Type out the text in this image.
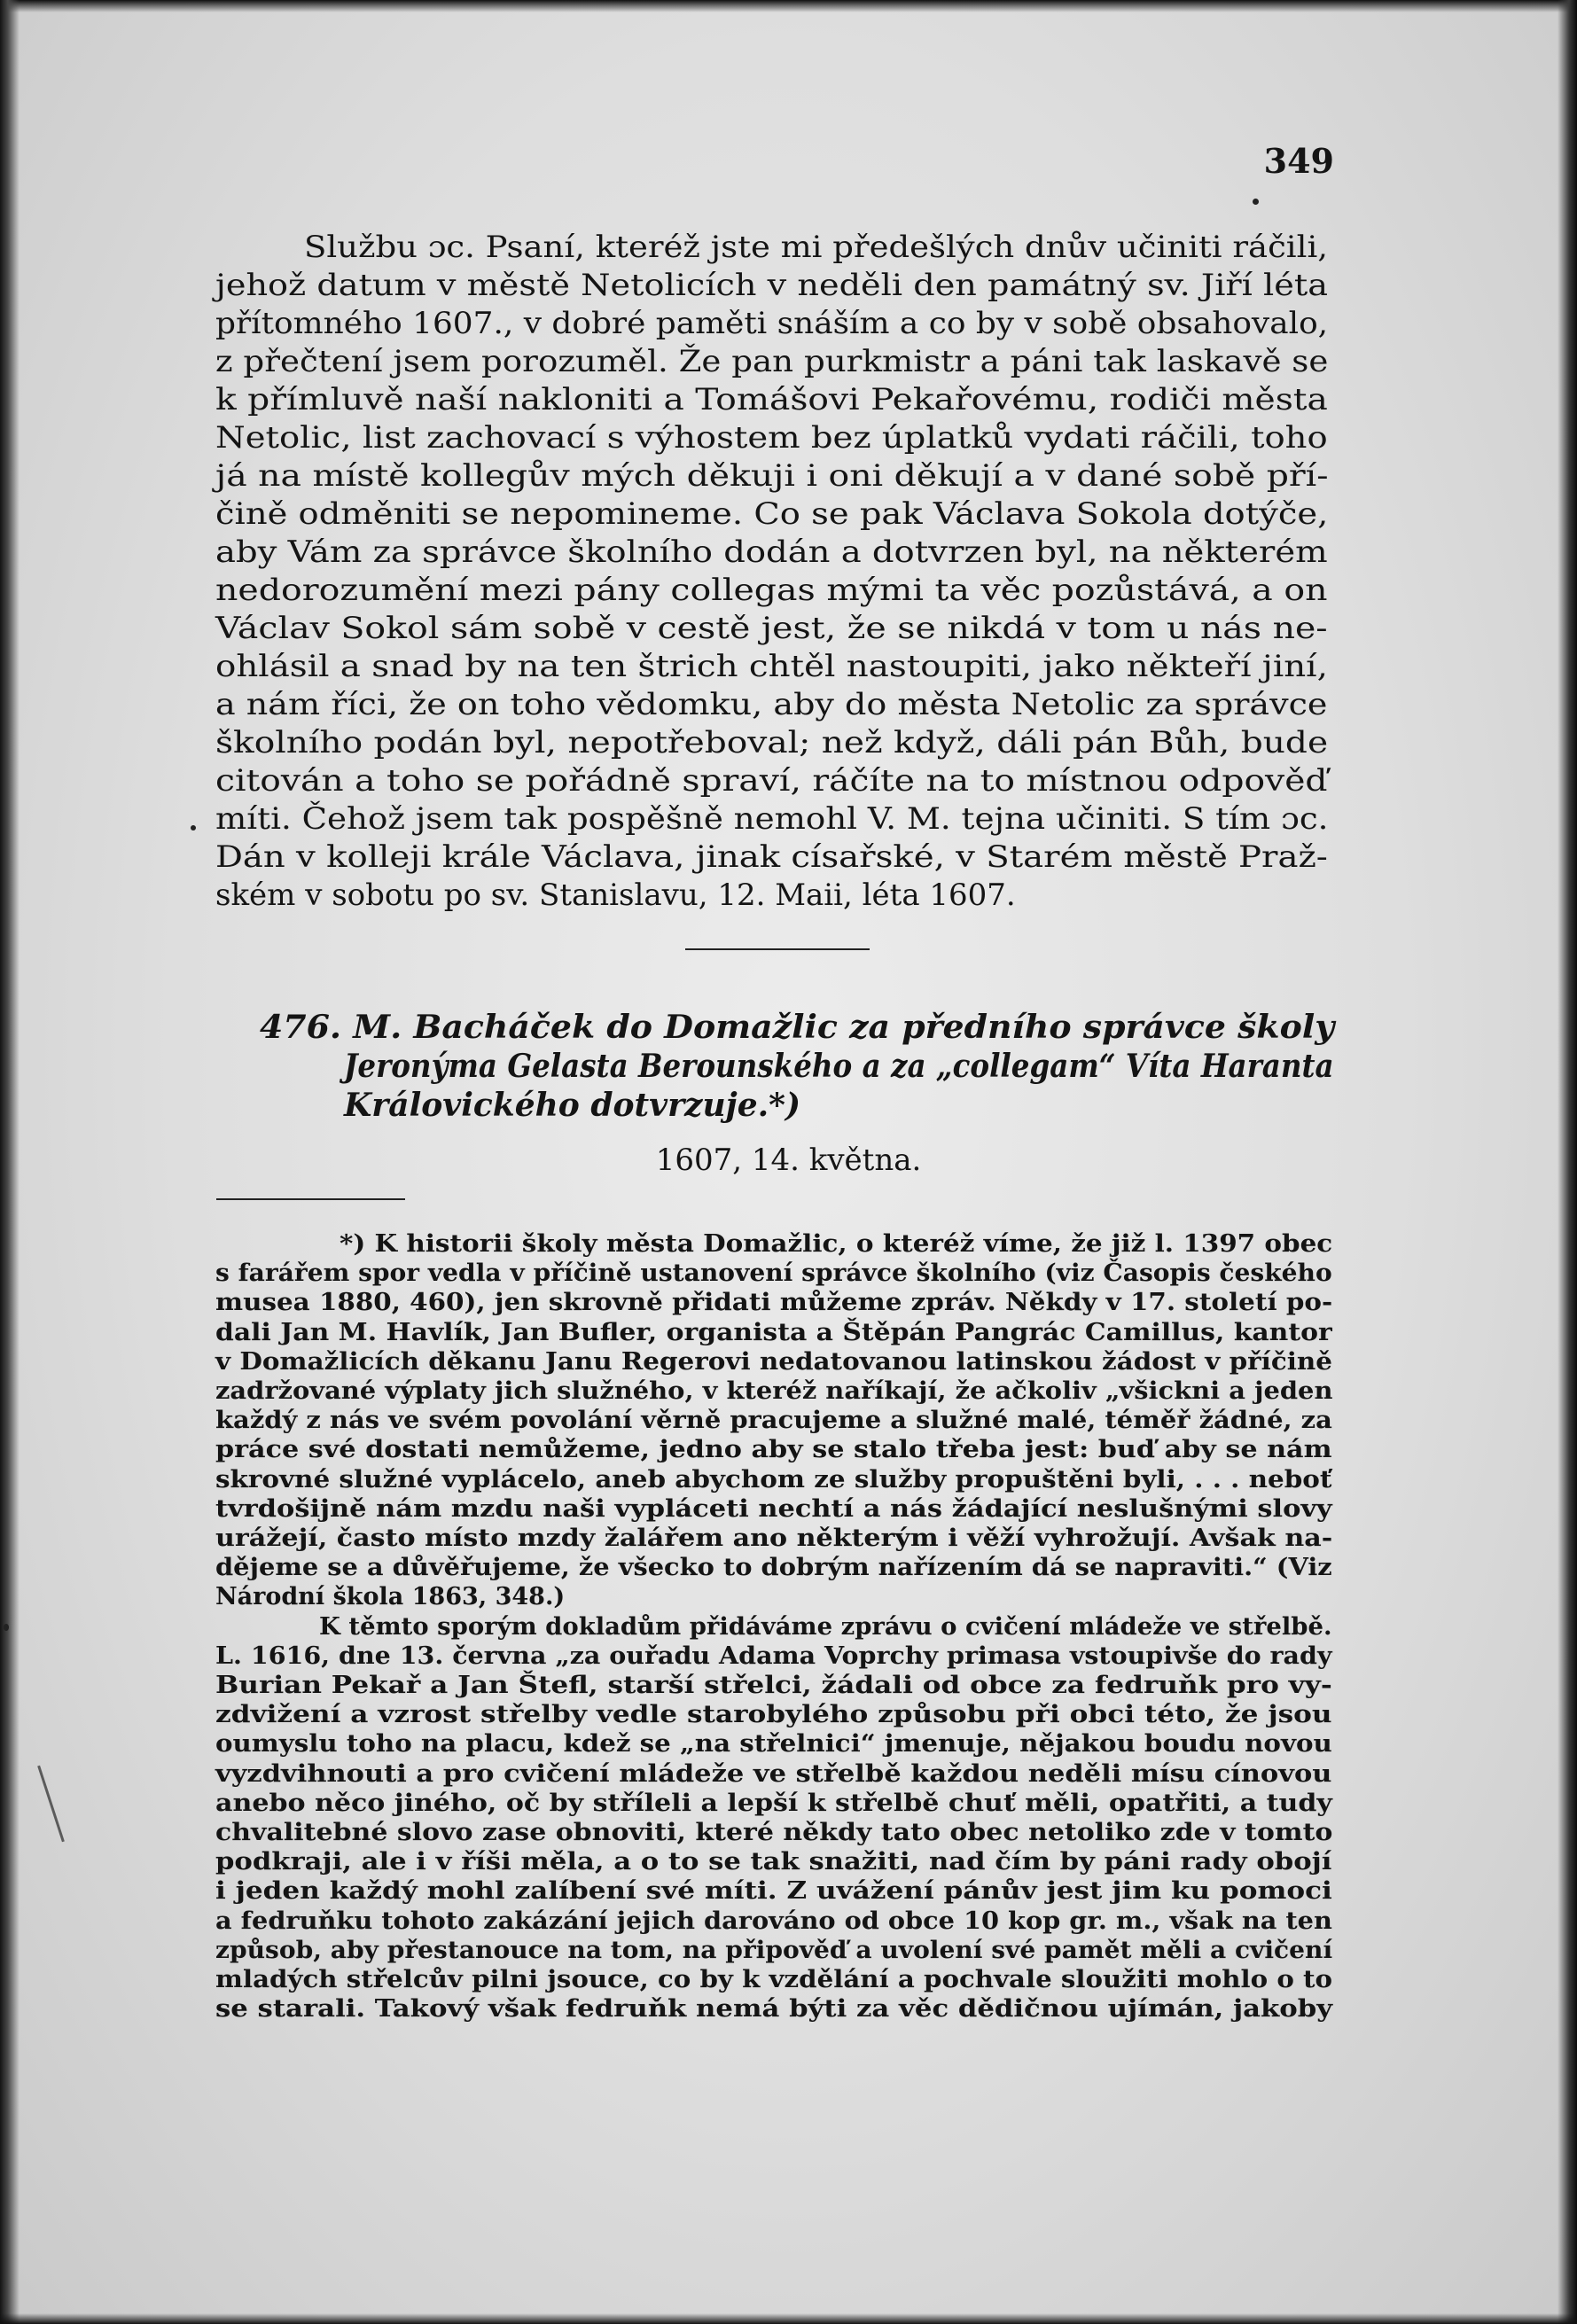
349
Službu ɔc. Psaní, kteréž jste mi předešlých dnův učiniti ráčili,
jehož datum v městě Netolicích v neděli den památný sv. Jiří léta
přítomného 1607., v dobré paměti snáším a co by v sobě obsahovalo,
z přečtení jsem porozuměl. Že pan purkmistr a páni tak laskavě se
k přímluvě naší nakloniti a Tomášovi Pekařovému, rodiči města
Netolic, list zachovací s výhostem bez úplatků vydati ráčili, toho
já na místě kollegův mých děkuji i oni děkují a v dané sobě pří-
čině odměniti se nepomineme. Co se pak Václava Sokola dotýče,
aby Vám za správce školního dodán a dotvrzen byl, na některém
nedorozumění mezi pány collegas mými ta věc pozůstává, a on
Václav Sokol sám sobě v cestě jest, že se nikdá v tom u nás ne-
ohlásil a snad by na ten štrich chtěl nastoupiti, jako někteří jiní,
a nám říci, že on toho vědomku, aby do města Netolic za správce
školního podán byl, nepotřeboval; než když, dáli pán Bůh, bude
citován a toho se pořádně spraví, ráčíte na to místnou odpověď
míti. Čehož jsem tak pospěšně nemohl V. M. tejna učiniti. S tím ɔc.
Dán v kolleji krále Václava, jinak císařské, v Starém městě Praž-
ském v sobotu po sv. Stanislavu, 12. Maii, léta 1607.
476. M. Bacháček do Domažlic za předního správce školy
Jeronýma Gelasta Berounského a za „collegam“ Víta Haranta
Královického dotvrzuje.*)
1607, 14. května.
*) K historii školy města Domažlic, o kteréž víme, že již l. 1397 obec
s farářem spor vedla v příčině ustanovení správce školního (viz Časopis českého
musea 1880, 460), jen skrovně přidati můžeme zpráv. Někdy v 17. století po-
dali Jan M. Havlík, Jan Bufler, organista a Štěpán Pangrác Camillus, kantor
v Domažlicích děkanu Janu Regerovi nedatovanou latinskou žádost v příčině
zadržované výplaty jich služného, v kteréž naříkají, že ačkoliv „všickni a jeden
každý z nás ve svém povolání věrně pracujeme a služné malé, téměř žádné, za
práce své dostati nemůžeme, jedno aby se stalo třeba jest: buď aby se nám
skrovné služné vyplácelo, aneb abychom ze služby propuštěni byli, . . . neboť
tvrdošijně nám mzdu naši vypláceti nechtí a nás žádající neslušnými slovy
urážejí, často místo mzdy žalářem ano některým i věží vyhrožují. Avšak na-
dějeme se a důvěřujeme, že všecko to dobrým nařízením dá se napraviti.“ (Viz
Národní škola 1863, 348.)
K těmto sporým dokladům přidáváme zprávu o cvičení mládeže ve střelbě.
L. 1616, dne 13. června „za ouřadu Adama Voprchy primasa vstoupivše do rady
Burian Pekař a Jan Štefl, starší střelci, žádali od obce za fedruňk pro vy-
zdvižení a vzrost střelby vedle starobylého způsobu při obci této, že jsou
oumyslu toho na placu, kdež se „na střelnici“ jmenuje, nějakou boudu novou
vyzdvihnouti a pro cvičení mládeže ve střelbě každou neděli mísu cínovou
anebo něco jiného, oč by stříleli a lepší k střelbě chuť měli, opatřiti, a tudy
chvalitebné slovo zase obnoviti, které někdy tato obec netoliko zde v tomto
podkraji, ale i v říši měla, a o to se tak snažiti, nad čím by páni rady obojí
i jeden každý mohl zalíbení své míti. Z uvážení pánův jest jim ku pomoci
a fedruňku tohoto zakázání jejich darováno od obce 10 kop gr. m., však na ten
způsob, aby přestanouce na tom, na připověď a uvolení své pamět měli a cvičení
mladých střelcův pilni jsouce, co by k vzdělání a pochvale sloužiti mohlo o to
se starali. Takový však fedruňk nemá býti za věc dědičnou ujímán, jakoby
